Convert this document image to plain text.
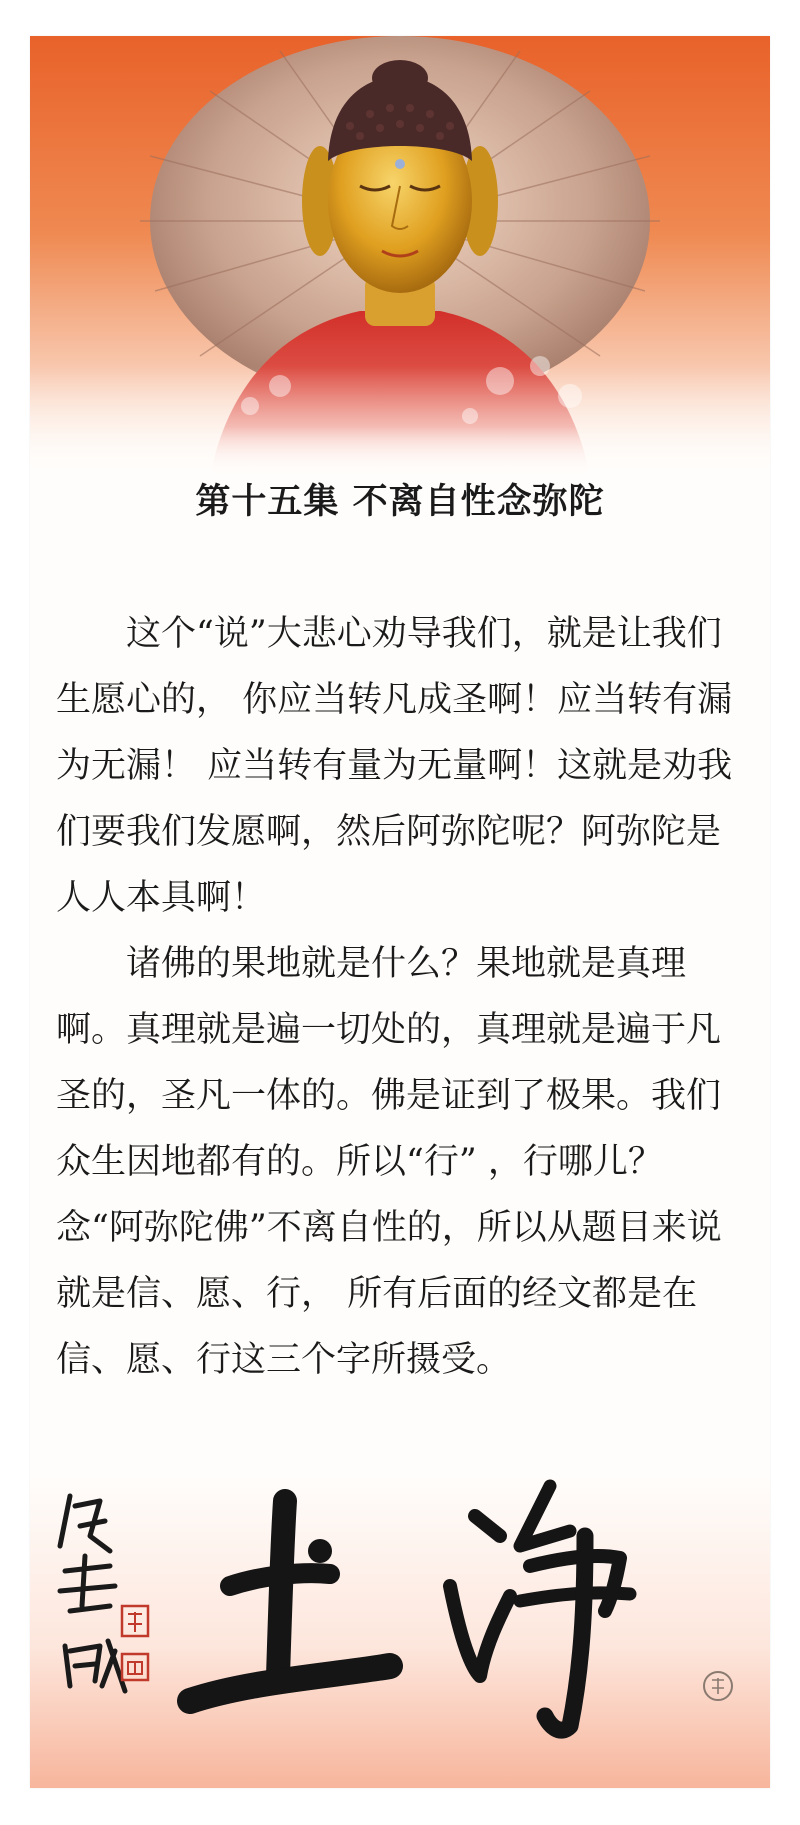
第十五集 不离自性念弥陀

这个“说”大悲心劝导我们，就是让我们生愿心的， 你应当转凡成圣啊！应当转有漏为无漏！ 应当转有量为无量啊！这就是劝我们要我们发愿啊，然后阿弥陀呢？阿弥陀是人人本具啊！

诸佛的果地就是什么？果地就是真理啊。真理就是遍一切处的，真理就是遍于凡圣的，圣凡一体的。佛是证到了极果。我们众生因地都有的。所以“行” ，行哪儿？念“阿弥陀佛”不离自性的，所以从题目来说就是信、愿、行， 所有后面的经文都是在信、愿、行这三个字所摄受。
